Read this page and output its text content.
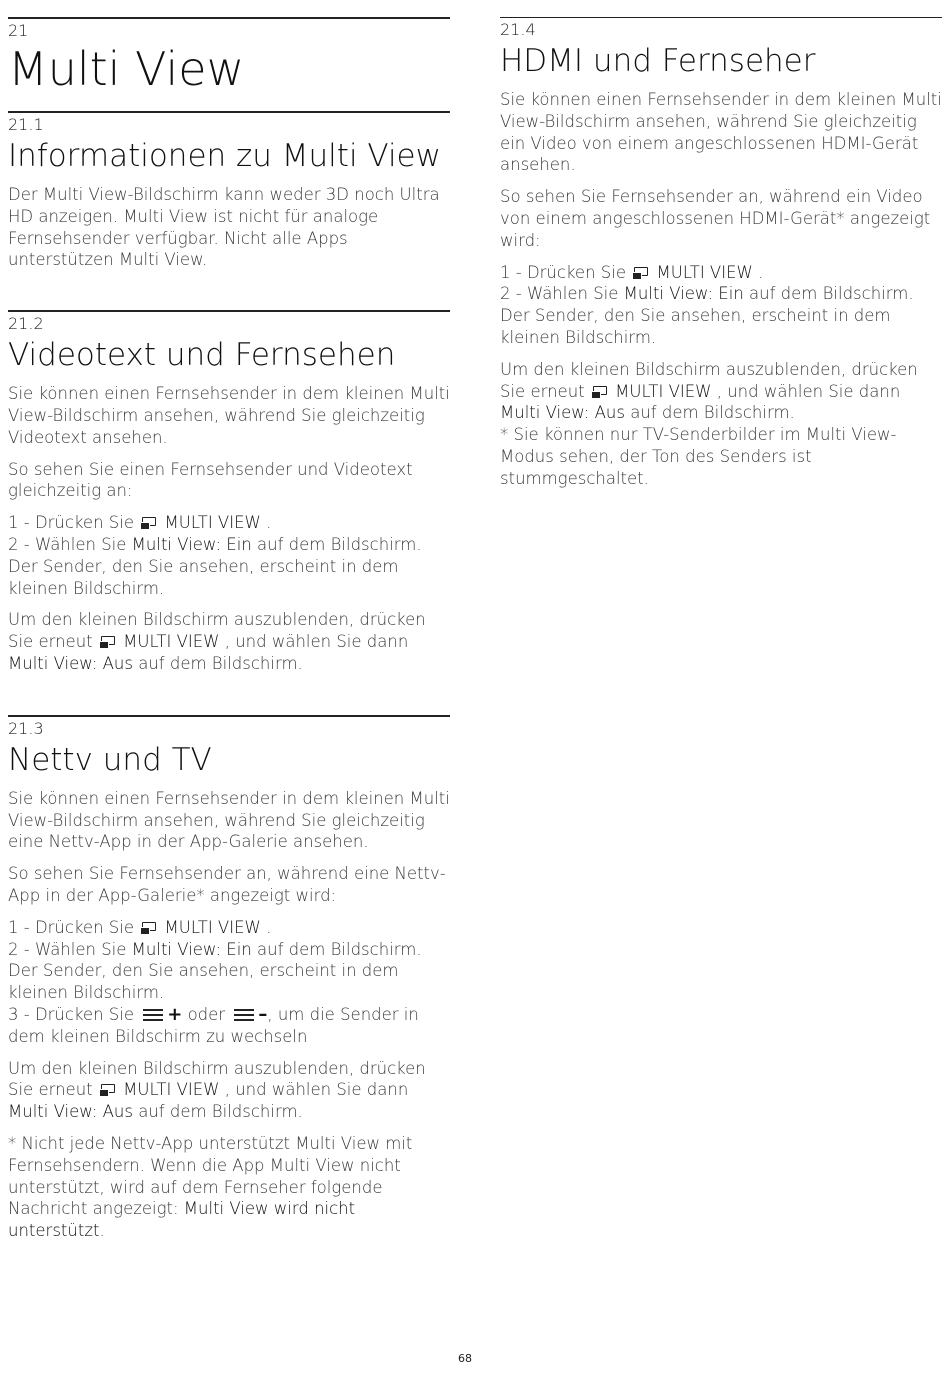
21
Multi View
21.1
Informationen zu Multi View

Der Multi View-Bildschirm kann weder 3D noch Ultra HD anzeigen. Multi View ist nicht für analoge Fernsehsender verfügbar. Nicht alle Apps unterstützen Multi View.

21.2
Videotext und Fernsehen

Sie können einen Fernsehsender in dem kleinen Multi View-Bildschirm ansehen, während Sie gleichzeitig Videotext ansehen.

So sehen Sie einen Fernsehsender und Videotext gleichzeitig an:

1 - Drücken Sie
MULTI VIEW .
2 - Wählen Sie Multi View: Ein auf dem Bildschirm. Der Sender, den Sie ansehen, erscheint in dem kleinen Bildschirm.

Um den kleinen Bildschirm auszublenden, drücken Sie erneut
MULTI VIEW , und wählen Sie dann Multi View: Aus auf dem Bildschirm.

21.3
Nettv und TV

Sie können einen Fernsehsender in dem kleinen Multi View-Bildschirm ansehen, während Sie gleichzeitig eine Nettv-App in der App-Galerie ansehen.

So sehen Sie Fernsehsender an, während eine Nettv-App in der App-Galerie* angezeigt wird:

1 - Drücken Sie
MULTI VIEW .
2 - Wählen Sie Multi View: Ein auf dem Bildschirm. Der Sender, den Sie ansehen, erscheint in dem kleinen Bildschirm.
3 - Drücken Sie
+ oder
–, um die Sender in dem kleinen Bildschirm zu wechseln

Um den kleinen Bildschirm auszublenden, drücken Sie erneut
MULTI VIEW , und wählen Sie dann Multi View: Aus auf dem Bildschirm.

* Nicht jede Nettv-App unterstützt Multi View mit Fernsehsendern. Wenn die App Multi View nicht unterstützt, wird auf dem Fernseher folgende Nachricht angezeigt: Multi View wird nicht unterstützt.

21.4
HDMI und Fernseher

Sie können einen Fernsehsender in dem kleinen Multi View-Bildschirm ansehen, während Sie gleichzeitig ein Video von einem angeschlossenen HDMI-Gerät ansehen.

So sehen Sie Fernsehsender an, während ein Video von einem angeschlossenen HDMI-Gerät* angezeigt wird:

1 - Drücken Sie
MULTI VIEW .
2 - Wählen Sie Multi View: Ein auf dem Bildschirm. Der Sender, den Sie ansehen, erscheint in dem kleinen Bildschirm.

Um den kleinen Bildschirm auszublenden, drücken Sie erneut
MULTI VIEW , und wählen Sie dann Multi View: Aus auf dem Bildschirm.
* Sie können nur TV-Senderbilder im Multi View-Modus sehen, der Ton des Senders ist stummgeschaltet.

68
